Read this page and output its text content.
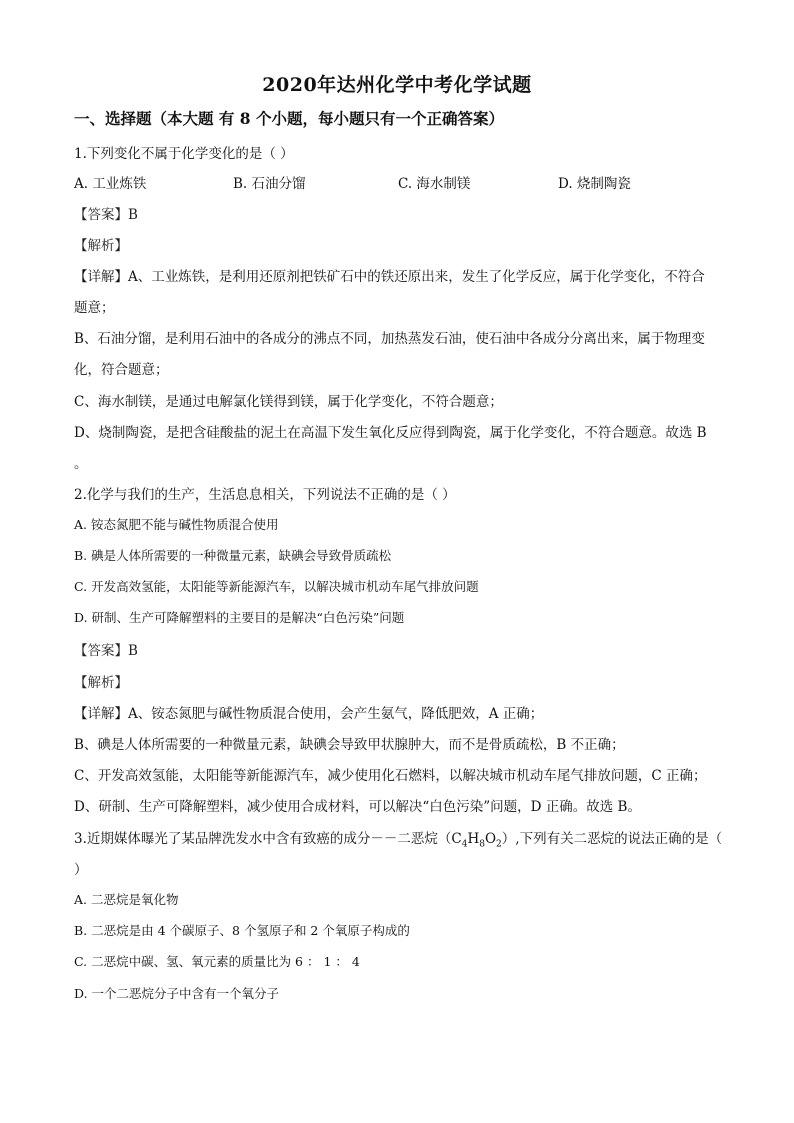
2020年达州化学中考化学试题
一、选择题（本大题 有 8 个小题，每小题只有一个正确答案）
1.下列变化不属于化学变化的是（ ）
A. 工业炼铁	B. 石油分馏	C. 海水制镁	D. 烧制陶瓷
【答案】B
【解析】
【详解】A、工业炼铁，是利用还原剂把铁矿石中的铁还原出来，发生了化学反应，属于化学变化，不符合
题意；
B、石油分馏，是利用石油中的各成分的沸点不同，加热蒸发石油，使石油中各成分分离出来，属于物理变
化，符合题意；
C、海水制镁，是通过电解氯化镁得到镁，属于化学变化，不符合题意；
D、烧制陶瓷，是把含硅酸盐的泥土在高温下发生氧化反应得到陶瓷，属于化学变化，不符合题意。故选 B
。
2.化学与我们的生产，生活息息相关，下列说法不正确的是（ ）
A. 铵态氮肥不能与碱性物质混合使用
B. 碘是人体所需要的一种微量元素，缺碘会导致骨质疏松
C. 开发高效氢能，太阳能等新能源汽车，以解决城市机动车尾气排放问题
D. 研制、生产可降解塑料的主要目的是解决“白色污染”问题
【答案】B
【解析】
【详解】A、铵态氮肥与碱性物质混合使用，会产生氨气，降低肥效，A 正确；
B、碘是人体所需要的一种微量元素，缺碘会导致甲状腺肿大，而不是骨质疏松，B 不正确；
C、开发高效氢能，太阳能等新能源汽车，减少使用化石燃料，以解决城市机动车尾气排放问题，C 正确；
D、研制、生产可降解塑料，减少使用合成材料，可以解决“白色污染”问题，D 正确。故选 B。
3.近期媒体曝光了某品牌洗发水中含有致癌的成分－－二恶烷$(C_4H_8O_2)$,下列有关二恶烷的说法正确的是（
）
A. 二恶烷是氧化物
B. 二恶烷是由 4 个碳原子、8 个氢原子和 2 个氧原子构成的
C. 二恶烷中碳、氢、氧元素的质量比为 6 ： 1 ： 4
D. 一个二恶烷分子中含有一个氧分子
